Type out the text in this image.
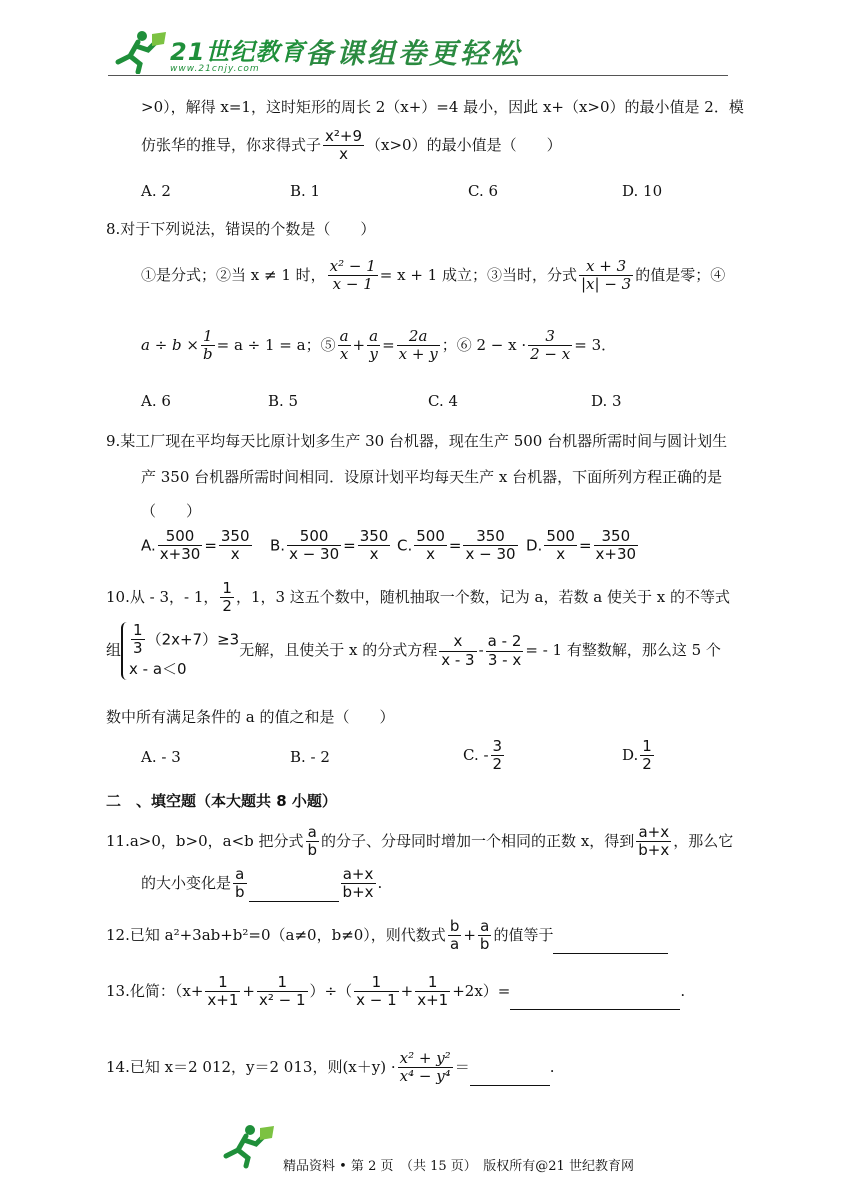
21世纪教育
www.21cnjy.com 备课组卷更轻松
>0），解得 x=1，这时矩形的周长 2（x+）=4 最小，因此 x+（x>0）的最小值是 2．模
仿张华的推导，你求得式子 $\frac{\text{x²+9}}{x} (x>0)$的最小值是（　　）
A. 2	B. 1	C. 6	D. 10
8.对于下列说法，错误的个数是（　　）
①是分式；②当 x ≠ 1 时， $\frac{\text{x² − 1}}{x - 1} = x + 1$ 成立；③当时，分式 $\frac{x + 3}{|x| - 3}$ 的值是零；④
$a \div b \times \frac{1}{b} = a \div 1 = a$；⑤ $\frac{a}{x} + \frac{a}{y} = \frac{2a}{x + y}$ ；⑥ $2 - x \cdot \frac{3}{2 - x} = 3$．
A. 6	B. 5	C. 4	D. 3
9.某工厂现在平均每天比原计划多生产 30 台机器，现在生产 500 台机器所需时间与圆计划生
产 350 台机器所需时间相同．设原计划平均每天生产 x 台机器，下面所列方程正确的是
（　　）
A. $\frac{500}{x+30} = \frac{350}{x} B$. $\frac{500}{x - 30} = \frac{350}{x} C$. $\frac{500}{x} = \frac{350}{x - 30} D$. $\frac{500}{x} = \frac{350}{x+30}$
10.从 - 3，- 1， $\frac{1}{2}$ ，1，3 这五个数中，随机抽取一个数，记为 a，若数 a 使关于 x 的不等式
组 $\frac{1}{3} (2x+7)\ge 3$
x - a＜0
无解，且使关于 x 的分式方程 $\frac{x}{x - 3} - \frac{a - 2}{3 - x}$ = - 1 有整数解，那么这 5 个
数中所有满足条件的 a 的值之和是（　　）
A. - 3	B. - 2	C. - $\frac{3}{2}$	D. $\frac{1}{2}$
二　、填空题（本大题共 8 小题）
11.a>0，b>0，a<b 把分式 $\frac{a}{b}$ 的分子、分母同时增加一个相同的正数 x，得到 $\frac{a+x}{b+x}$ ，那么它
的大小变化是 $\frac{a}{b}$	$\frac{a+x}{b+x}$ .
12.已知 a²+3ab+b²=0（a≠0，b≠0），则代数式 $\frac{b}{a} + \frac{a}{b}$ 的值等于
13.化简：（$x+ \frac{1}{x+1} + \frac{1}{\text{x² − 1}}$ ）÷（ $\frac{1}{x - 1} + \frac{1}{x+1} +2x)=$	.
14.已知 x＝2 012，y＝2 013，则$(x+y) \cdot \frac{\text{x² + y²}}{\text{x⁴ − y⁴}}$ ＝	.
精品资料 • 第 2 页　（共 15 页）　版权所有@21 世纪教育网
